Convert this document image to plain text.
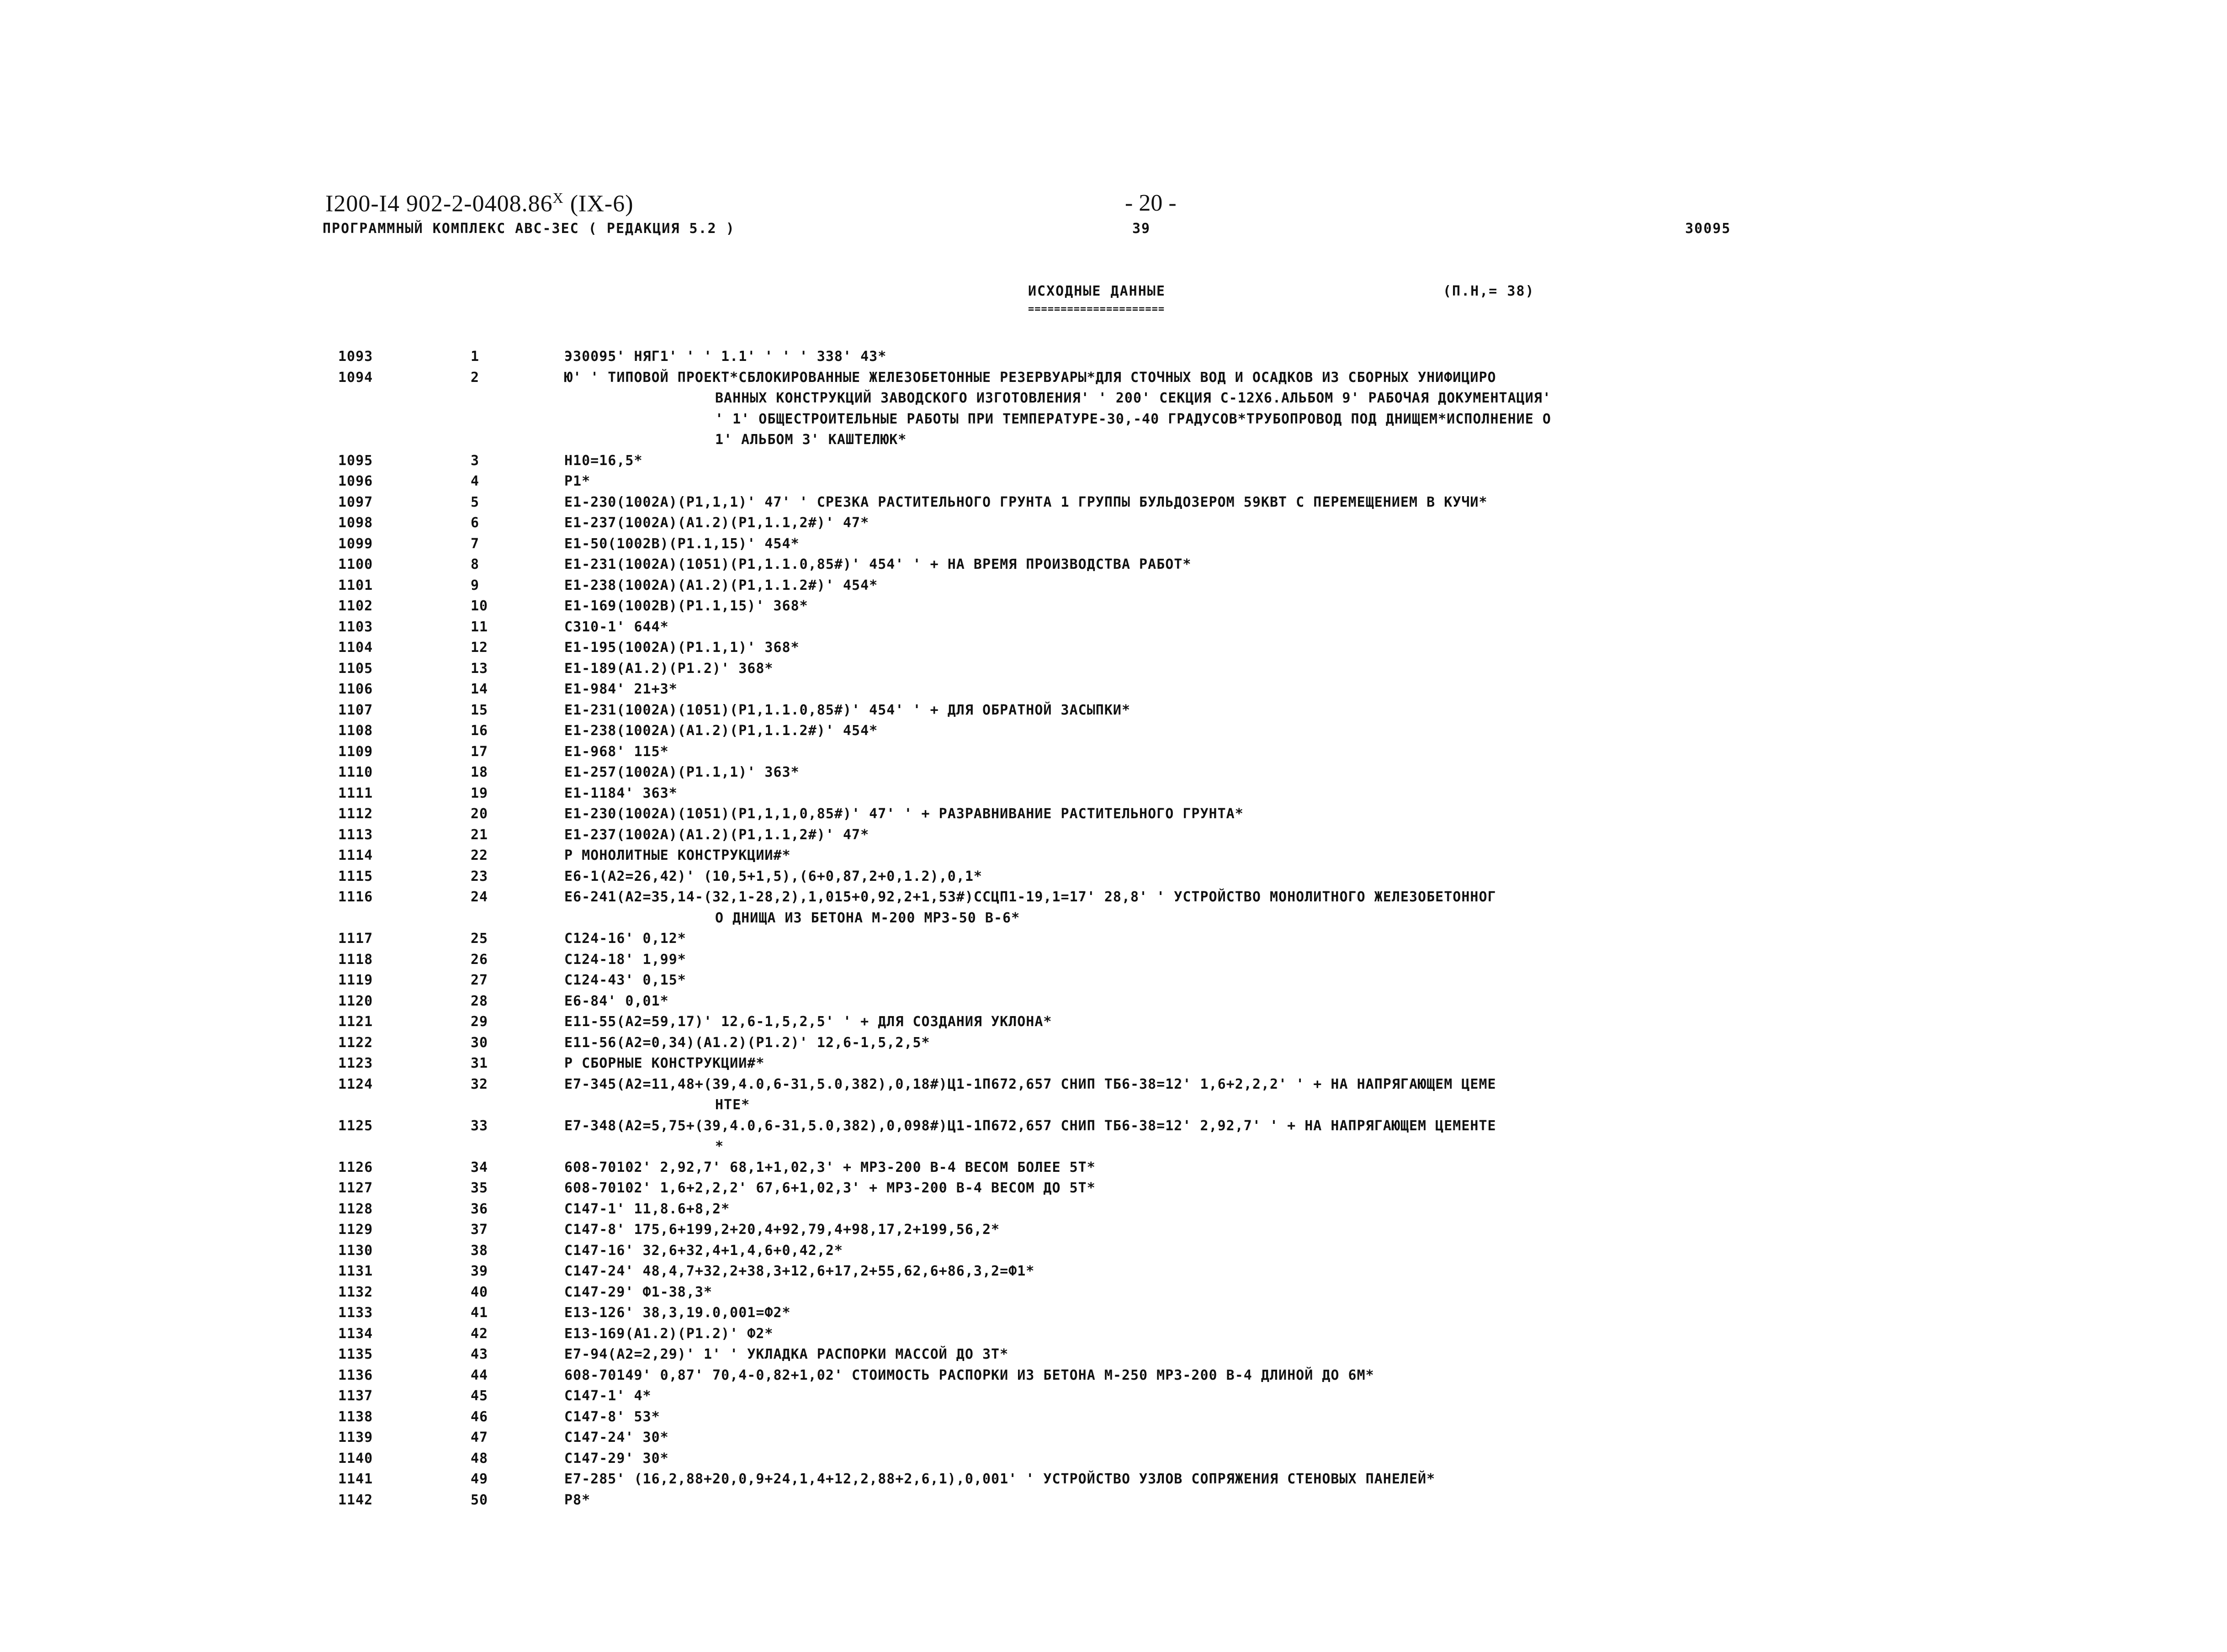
I200-I4 $902-2-0408.86^X$ (IX-6)	- 20 -
ПРОГРАММНЫЙ КОМПЛЕКС АВС-ЗЕС ( РЕДАКЦИЯ 5.2 )	39	30095
ИСХОДНЫЕ ДАННЫЕ
=====================
(П.Н,= 38)
1093	1	Э30095' НЯГ1' ' ' 1.1' ' ' ' 338' 43*
1094	2	Ю' ' ТИПОВОЙ ПРОЕКТ*СБЛОКИРОВАННЫЕ ЖЕЛЕЗОБЕТОННЫЕ РЕЗЕРВУАРЫ*ДЛЯ СТОЧНЫХ ВОД И ОСАДКОВ ИЗ СБОРНЫХ УНИФИЦИРО
ВАННЫХ КОНСТРУКЦИЙ ЗАВОДСКОГО ИЗГОТОВЛЕНИЯ' ' 200' СЕКЦИЯ С-12Х6.АЛЬБОМ 9' РАБОЧАЯ ДОКУМЕНТАЦИЯ'
' 1' ОБЩЕСТРОИТЕЛЬНЫЕ РАБОТЫ ПРИ ТЕМПЕРАТУРЕ-30,-40 ГРАДУСОВ*ТРУБОПРОВОД ПОД ДНИЩЕМ*ИСПОЛНЕНИЕ О
1' АЛЬБОМ 3' КАШТЕЛЮК*
1095	3	Н10=16,5*
1096	4	Р1*
1097	5	Е1-230(1002А)(Р1,1,1)' 47' ' СРЕЗКА РАСТИТЕЛЬНОГО ГРУНТА 1 ГРУППЫ БУЛЬДОЗЕРОМ 59КВТ С ПЕРЕМЕЩЕНИЕМ В КУЧИ*
1098	6	Е1-237(1002А)(А1.2)(Р1,1.1,2#)' 47*
1099	7	Е1-50(1002В)(Р1.1,15)' 454*
1100	8	Е1-231(1002А)(1051)(Р1,1.1.0,85#)' 454' ' + НА ВРЕМЯ ПРОИЗВОДСТВА РАБОТ*
1101	9	Е1-238(1002А)(А1.2)(Р1,1.1.2#)' 454*
1102	10	Е1-169(1002В)(Р1.1,15)' 368*
1103	11	С310-1' 644*
1104	12	Е1-195(1002А)(Р1.1,1)' 368*
1105	13	Е1-189(А1.2)(Р1.2)' 368*
1106	14	Е1-984' 21+3*
1107	15	Е1-231(1002А)(1051)(Р1,1.1.0,85#)' 454' ' + ДЛЯ ОБРАТНОЙ ЗАСЫПКИ*
1108	16	Е1-238(1002А)(А1.2)(Р1,1.1.2#)' 454*
1109	17	Е1-968' 115*
1110	18	Е1-257(1002А)(Р1.1,1)' 363*
1111	19	Е1-1184' 363*
1112	20	Е1-230(1002А)(1051)(Р1,1,1,0,85#)' 47' ' + РАЗРАВНИВАНИЕ РАСТИТЕЛЬНОГО ГРУНТА*
1113	21	Е1-237(1002А)(А1.2)(Р1,1.1,2#)' 47*
1114	22	Р МОНОЛИТНЫЕ КОНСТРУКЦИИ#*
1115	23	Е6-1(А2=26,42)' (10,5+1,5),(6+0,87,2+0,1.2),0,1*
1116	24	Е6-241(А2=35,14-(32,1-28,2),1,015+0,92,2+1,53#)ССЦП1-19,1=17' 28,8' ' УСТРОЙСТВО МОНОЛИТНОГО ЖЕЛЕЗОБЕТОННОГ
О ДНИЩА ИЗ БЕТОНА М-200 МРЗ-50 В-6*
1117	25	С124-16' 0,12*
1118	26	С124-18' 1,99*
1119	27	С124-43' 0,15*
1120	28	Е6-84' 0,01*
1121	29	Е11-55(А2=59,17)' 12,6-1,5,2,5' ' + ДЛЯ СОЗДАНИЯ УКЛОНА*
1122	30	Е11-56(А2=0,34)(А1.2)(Р1.2)' 12,6-1,5,2,5*
1123	31	Р СБОРНЫЕ КОНСТРУКЦИИ#*
1124	32	Е7-345(А2=11,48+(39,4.0,6-31,5.0,382),0,18#)Ц1-1П672,657 СНИП ТБ6-38=12' 1,6+2,2,2' ' + НА НАПРЯГАЮЩЕМ ЦЕМЕ
НТЕ*
1125	33	Е7-348(А2=5,75+(39,4.0,6-31,5.0,382),0,098#)Ц1-1П672,657 СНИП ТБ6-38=12' 2,92,7' ' + НА НАПРЯГАЮЩЕМ ЦЕМЕНТЕ
*
1126	34	608-70102' 2,92,7' 68,1+1,02,3' + МРЗ-200 В-4 ВЕСОМ БОЛЕЕ 5Т*
1127	35	608-70102' 1,6+2,2,2' 67,6+1,02,3' + МРЗ-200 В-4 ВЕСОМ ДО 5Т*
1128	36	С147-1' 11,8.6+8,2*
1129	37	С147-8' 175,6+199,2+20,4+92,79,4+98,17,2+199,56,2*
1130	38	С147-16' 32,6+32,4+1,4,6+0,42,2*
1131	39	С147-24' 48,4,7+32,2+38,3+12,6+17,2+55,62,6+86,3,2=Ф1*
1132	40	С147-29' Ф1-38,3*
1133	41	Е13-126' 38,3,19.0,001=Ф2*
1134	42	Е13-169(А1.2)(Р1.2)' Ф2*
1135	43	Е7-94(А2=2,29)' 1' ' УКЛАДКА РАСПОРКИ МАССОЙ ДО 3Т*
1136	44	608-70149' 0,87' 70,4-0,82+1,02' СТОИМОСТЬ РАСПОРКИ ИЗ БЕТОНА М-250 МРЗ-200 В-4 ДЛИНОЙ ДО 6М*
1137	45	С147-1' 4*
1138	46	С147-8' 53*
1139	47	С147-24' 30*
1140	48	С147-29' 30*
1141	49	Е7-285' (16,2,88+20,0,9+24,1,4+12,2,88+2,6,1),0,001' ' УСТРОЙСТВО УЗЛОВ СОПРЯЖЕНИЯ СТЕНОВЫХ ПАНЕЛЕЙ*
1142	50	Р8*
